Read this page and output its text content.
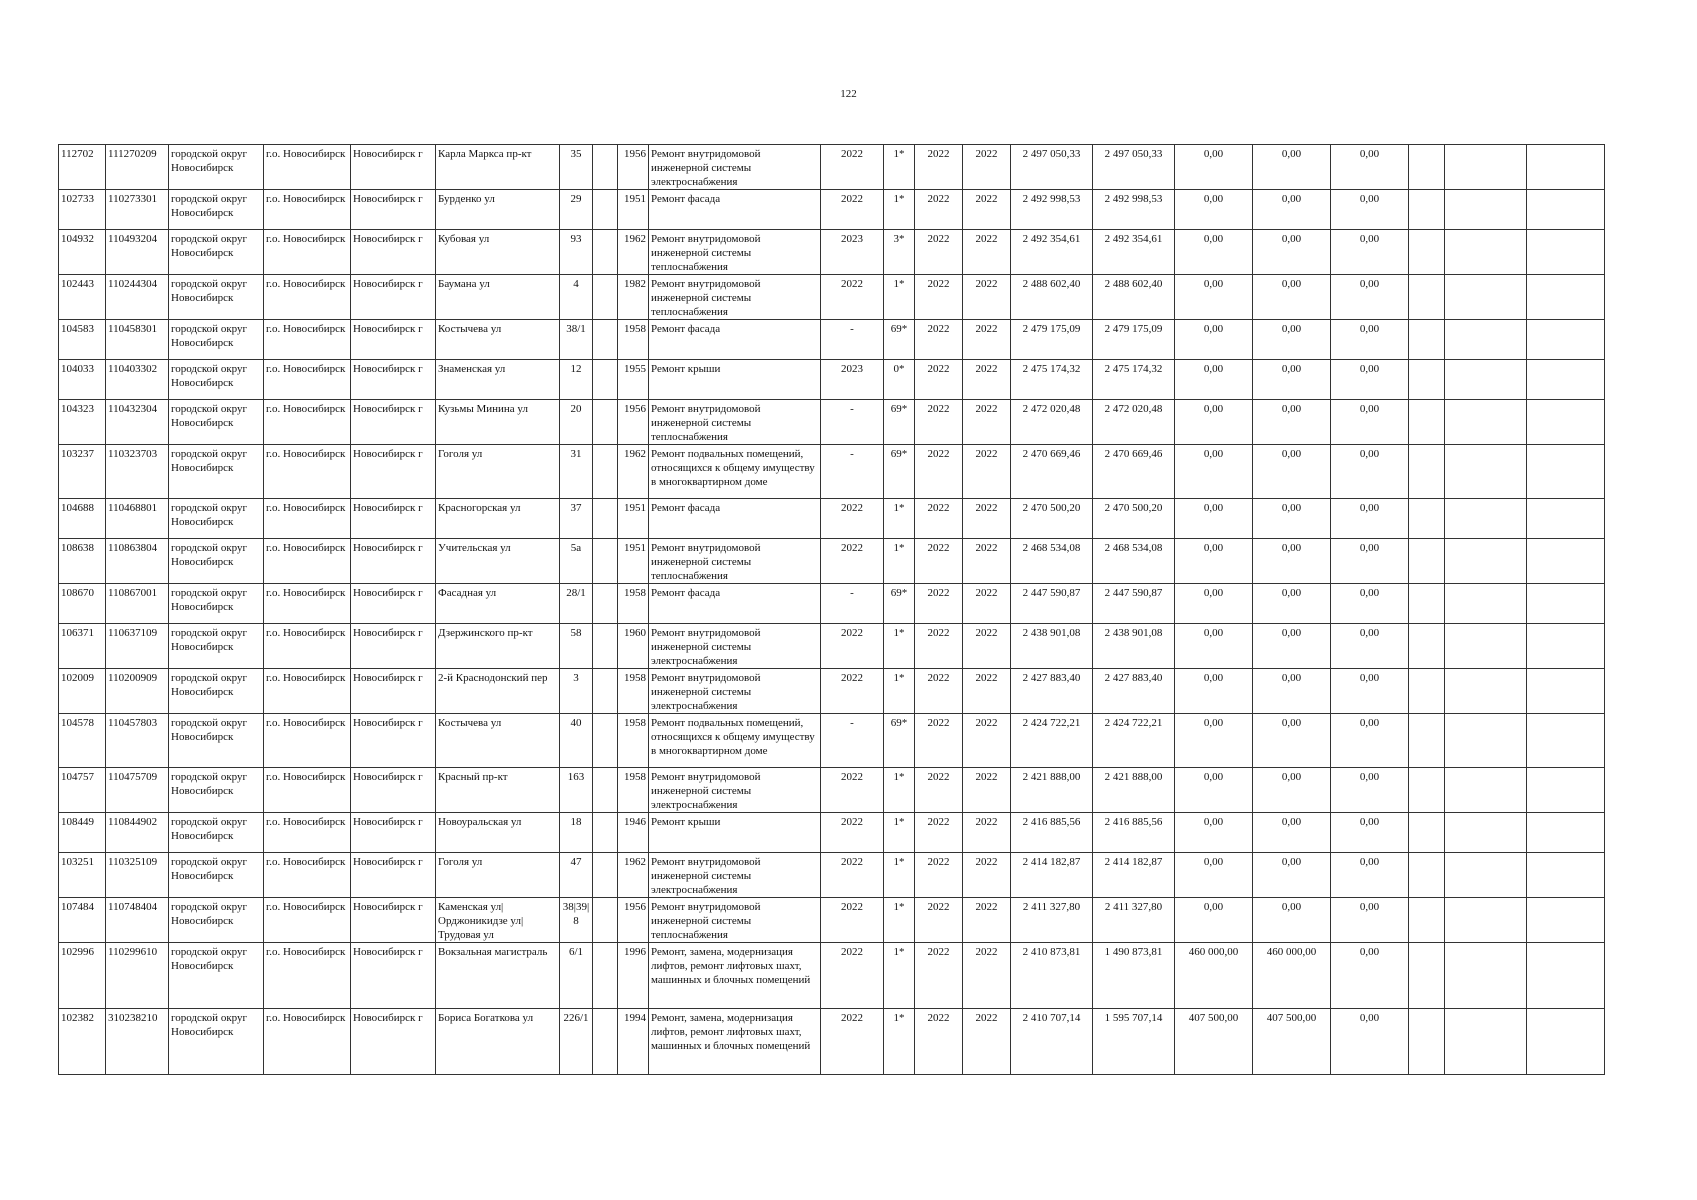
122
112702	111270209	городской округ Новосибирск	г.о. Новосибирск	Новосибирск г	Карла Маркса пр-кт	35		1956	Ремонт внутридомовой инженерной системы электроснабжения	2022	1*	2022	2022	2 497 050,33	2 497 050,33	0,00	0,00	0,00			
102733	110273301	городской округ Новосибирск	г.о. Новосибирск	Новосибирск г	Бурденко ул	29		1951	Ремонт фасада	2022	1*	2022	2022	2 492 998,53	2 492 998,53	0,00	0,00	0,00			
104932	110493204	городской округ Новосибирск	г.о. Новосибирск	Новосибирск г	Кубовая ул	93		1962	Ремонт внутридомовой инженерной системы теплоснабжения	2023	3*	2022	2022	2 492 354,61	2 492 354,61	0,00	0,00	0,00			
102443	110244304	городской округ Новосибирск	г.о. Новосибирск	Новосибирск г	Баумана ул	4		1982	Ремонт внутридомовой инженерной системы теплоснабжения	2022	1*	2022	2022	2 488 602,40	2 488 602,40	0,00	0,00	0,00			
104583	110458301	городской округ Новосибирск	г.о. Новосибирск	Новосибирск г	Костычева ул	38/1		1958	Ремонт фасада	-	69*	2022	2022	2 479 175,09	2 479 175,09	0,00	0,00	0,00			
104033	110403302	городской округ Новосибирск	г.о. Новосибирск	Новосибирск г	Знаменская ул	12		1955	Ремонт крыши	2023	0*	2022	2022	2 475 174,32	2 475 174,32	0,00	0,00	0,00			
104323	110432304	городской округ Новосибирск	г.о. Новосибирск	Новосибирск г	Кузьмы Минина ул	20		1956	Ремонт внутридомовой инженерной системы теплоснабжения	-	69*	2022	2022	2 472 020,48	2 472 020,48	0,00	0,00	0,00			
103237	110323703	городской округ Новосибирск	г.о. Новосибирск	Новосибирск г	Гоголя ул	31		1962	Ремонт подвальных помещений, относящихся к общему имуществу в многоквартирном доме	-	69*	2022	2022	2 470 669,46	2 470 669,46	0,00	0,00	0,00			
104688	110468801	городской округ Новосибирск	г.о. Новосибирск	Новосибирск г	Красногорская ул	37		1951	Ремонт фасада	2022	1*	2022	2022	2 470 500,20	2 470 500,20	0,00	0,00	0,00			
108638	110863804	городской округ Новосибирск	г.о. Новосибирск	Новосибирск г	Учительская ул	5а		1951	Ремонт внутридомовой инженерной системы теплоснабжения	2022	1*	2022	2022	2 468 534,08	2 468 534,08	0,00	0,00	0,00			
108670	110867001	городской округ Новосибирск	г.о. Новосибирск	Новосибирск г	Фасадная ул	28/1		1958	Ремонт фасада	-	69*	2022	2022	2 447 590,87	2 447 590,87	0,00	0,00	0,00			
106371	110637109	городской округ Новосибирск	г.о. Новосибирск	Новосибирск г	Дзержинского пр-кт	58		1960	Ремонт внутридомовой инженерной системы электроснабжения	2022	1*	2022	2022	2 438 901,08	2 438 901,08	0,00	0,00	0,00			
102009	110200909	городской округ Новосибирск	г.о. Новосибирск	Новосибирск г	2-й Краснодонский пер	3		1958	Ремонт внутридомовой инженерной системы электроснабжения	2022	1*	2022	2022	2 427 883,40	2 427 883,40	0,00	0,00	0,00			
104578	110457803	городской округ Новосибирск	г.о. Новосибирск	Новосибирск г	Костычева ул	40		1958	Ремонт подвальных помещений, относящихся к общему имуществу в многоквартирном доме	-	69*	2022	2022	2 424 722,21	2 424 722,21	0,00	0,00	0,00			
104757	110475709	городской округ Новосибирск	г.о. Новосибирск	Новосибирск г	Красный пр-кт	163		1958	Ремонт внутридомовой инженерной системы электроснабжения	2022	1*	2022	2022	2 421 888,00	2 421 888,00	0,00	0,00	0,00			
108449	110844902	городской округ Новосибирск	г.о. Новосибирск	Новосибирск г	Новоуральская ул	18		1946	Ремонт крыши	2022	1*	2022	2022	2 416 885,56	2 416 885,56	0,00	0,00	0,00			
103251	110325109	городской округ Новосибирск	г.о. Новосибирск	Новосибирск г	Гоголя ул	47		1962	Ремонт внутридомовой инженерной системы электроснабжения	2022	1*	2022	2022	2 414 182,87	2 414 182,87	0,00	0,00	0,00			
107484	110748404	городской округ Новосибирск	г.о. Новосибирск	Новосибирск г	Каменская ул|Орджоникидзе ул|Трудовая ул	38|39|8		1956	Ремонт внутридомовой инженерной системы теплоснабжения	2022	1*	2022	2022	2 411 327,80	2 411 327,80	0,00	0,00	0,00			
102996	110299610	городской округ Новосибирск	г.о. Новосибирск	Новосибирск г	Вокзальная магистраль	6/1		1996	Ремонт, замена, модернизация лифтов, ремонт лифтовых шахт, машинных и блочных помещений	2022	1*	2022	2022	2 410 873,81	1 490 873,81	460 000,00	460 000,00	0,00			
102382	310238210	городской округ Новосибирск	г.о. Новосибирск	Новосибирск г	Бориса Богаткова ул	226/1		1994	Ремонт, замена, модернизация лифтов, ремонт лифтовых шахт, машинных и блочных помещений	2022	1*	2022	2022	2 410 707,14	1 595 707,14	407 500,00	407 500,00	0,00			
